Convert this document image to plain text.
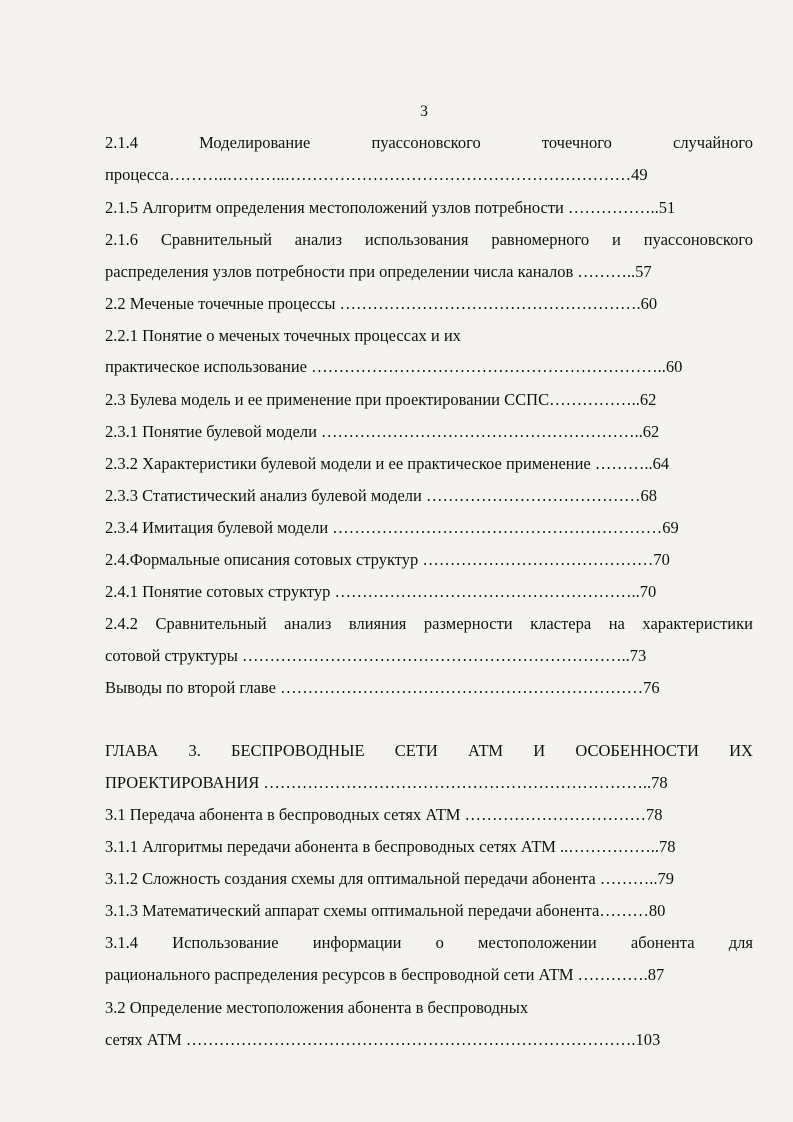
3
2.1.4	Моделирование	пуассоновского	точечного	случайного
процесса………..………..………………………………………………………49
2.1.5 Алгоритм определения местоположений узлов потребности ……………..51
2.1.6 Сравнительный анализ использования равномерного и пуассоновского
распределения узлов потребности при определении числа каналов ………..57
2.2 Меченые точечные процессы ……………………………………………….60
2.2.1 Понятие о меченых точечных процессах и их
практическое использование ………………………………………………………..60
2.3 Булева модель и ее применение при проектировании ССПС……………..62
2.3.1 Понятие булевой модели …………………………………………………..62
2.3.2 Характеристики булевой модели и ее практическое применение ………..64
2.3.3 Статистический анализ булевой модели …………………………………68
2.3.4 Имитация булевой модели ……………………………………………………69
2.4.Формальные описания сотовых структур ……………………………………70
2.4.1 Понятие сотовых структур ………………………………………………..70
2.4.2 Сравнительный анализ влияния размерности кластера на характеристики
сотовой структуры ……………………………………………………………..73
Выводы по второй главе …………………………………………………………76
ГЛАВА 3. БЕСПРОВОДНЫЕ СЕТИ АТМ И ОСОБЕННОСТИ ИХ
ПРОЕКТИРОВАНИЯ ……………………………………………………………..78
3.1 Передача абонента в беспроводных сетях АТМ ……………………………78
3.1.1 Алгоритмы передачи абонента в беспроводных сетях АТМ ..……………..78
3.1.2 Сложность создания схемы для оптимальной передачи абонента ………..79
3.1.3 Математический аппарат схемы оптимальной передачи абонента………80
3.1.4 Использование информации о местоположении абонента для
рационального распределения ресурсов в беспроводной сети АТМ ………….87
3.2 Определение местоположения абонента в беспроводных
сетях АТМ ……………………………………………………………………….103
